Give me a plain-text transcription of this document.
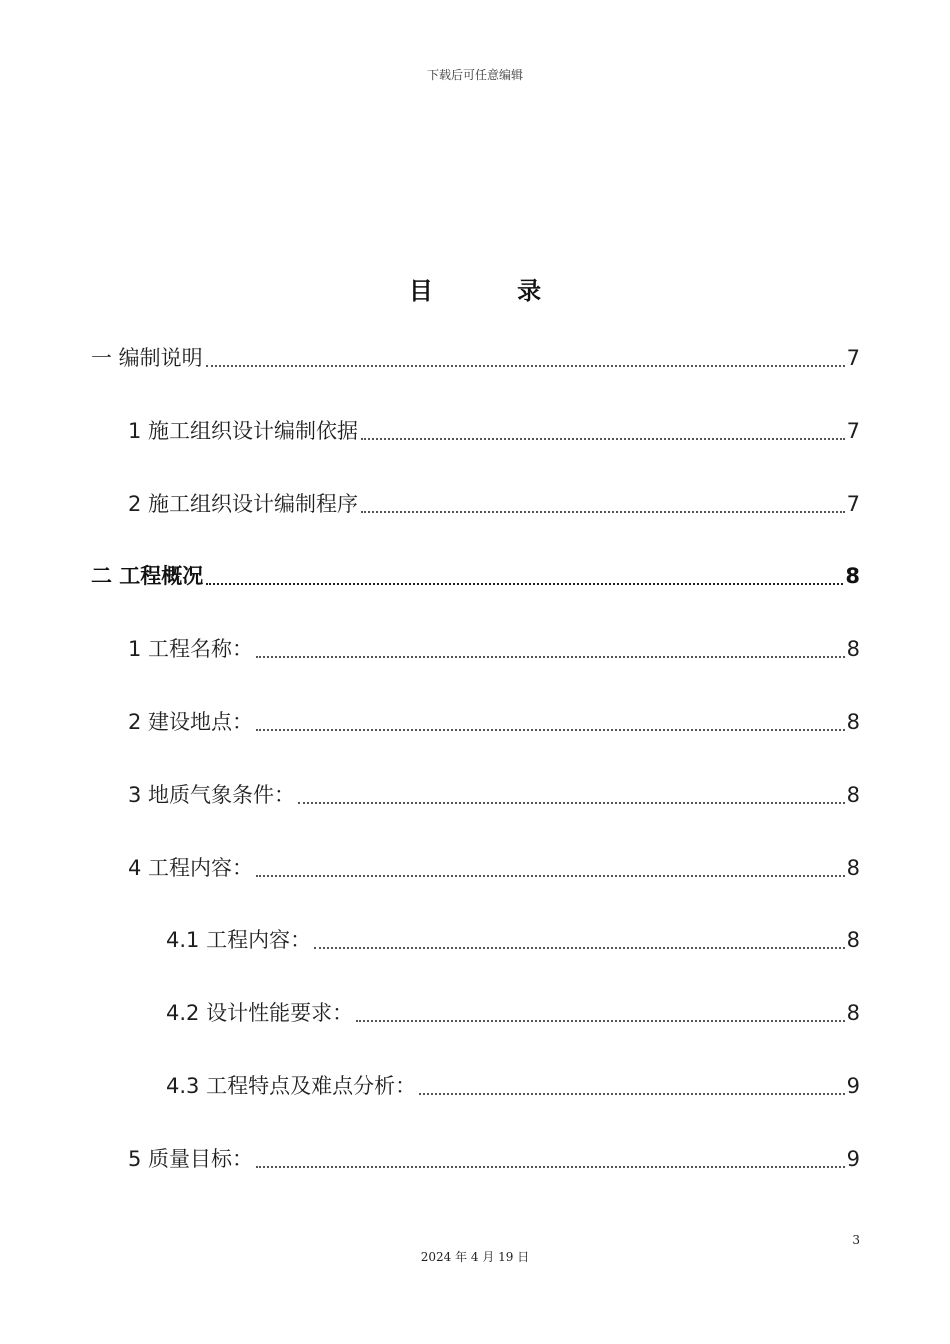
下载后可任意编辑
目 录
一 编制说明	7
1 施工组织设计编制依据	7
2 施工组织设计编制程序	7
二 工程概况	8
1 工程名称：	8
2 建设地点：	8
3 地质气象条件：	8
4 工程内容：	8
4.1 工程内容：	8
4.2 设计性能要求：	8
4.3 工程特点及难点分析：	9
5 质量目标：	9
3
2024 年 4 月 19 日
